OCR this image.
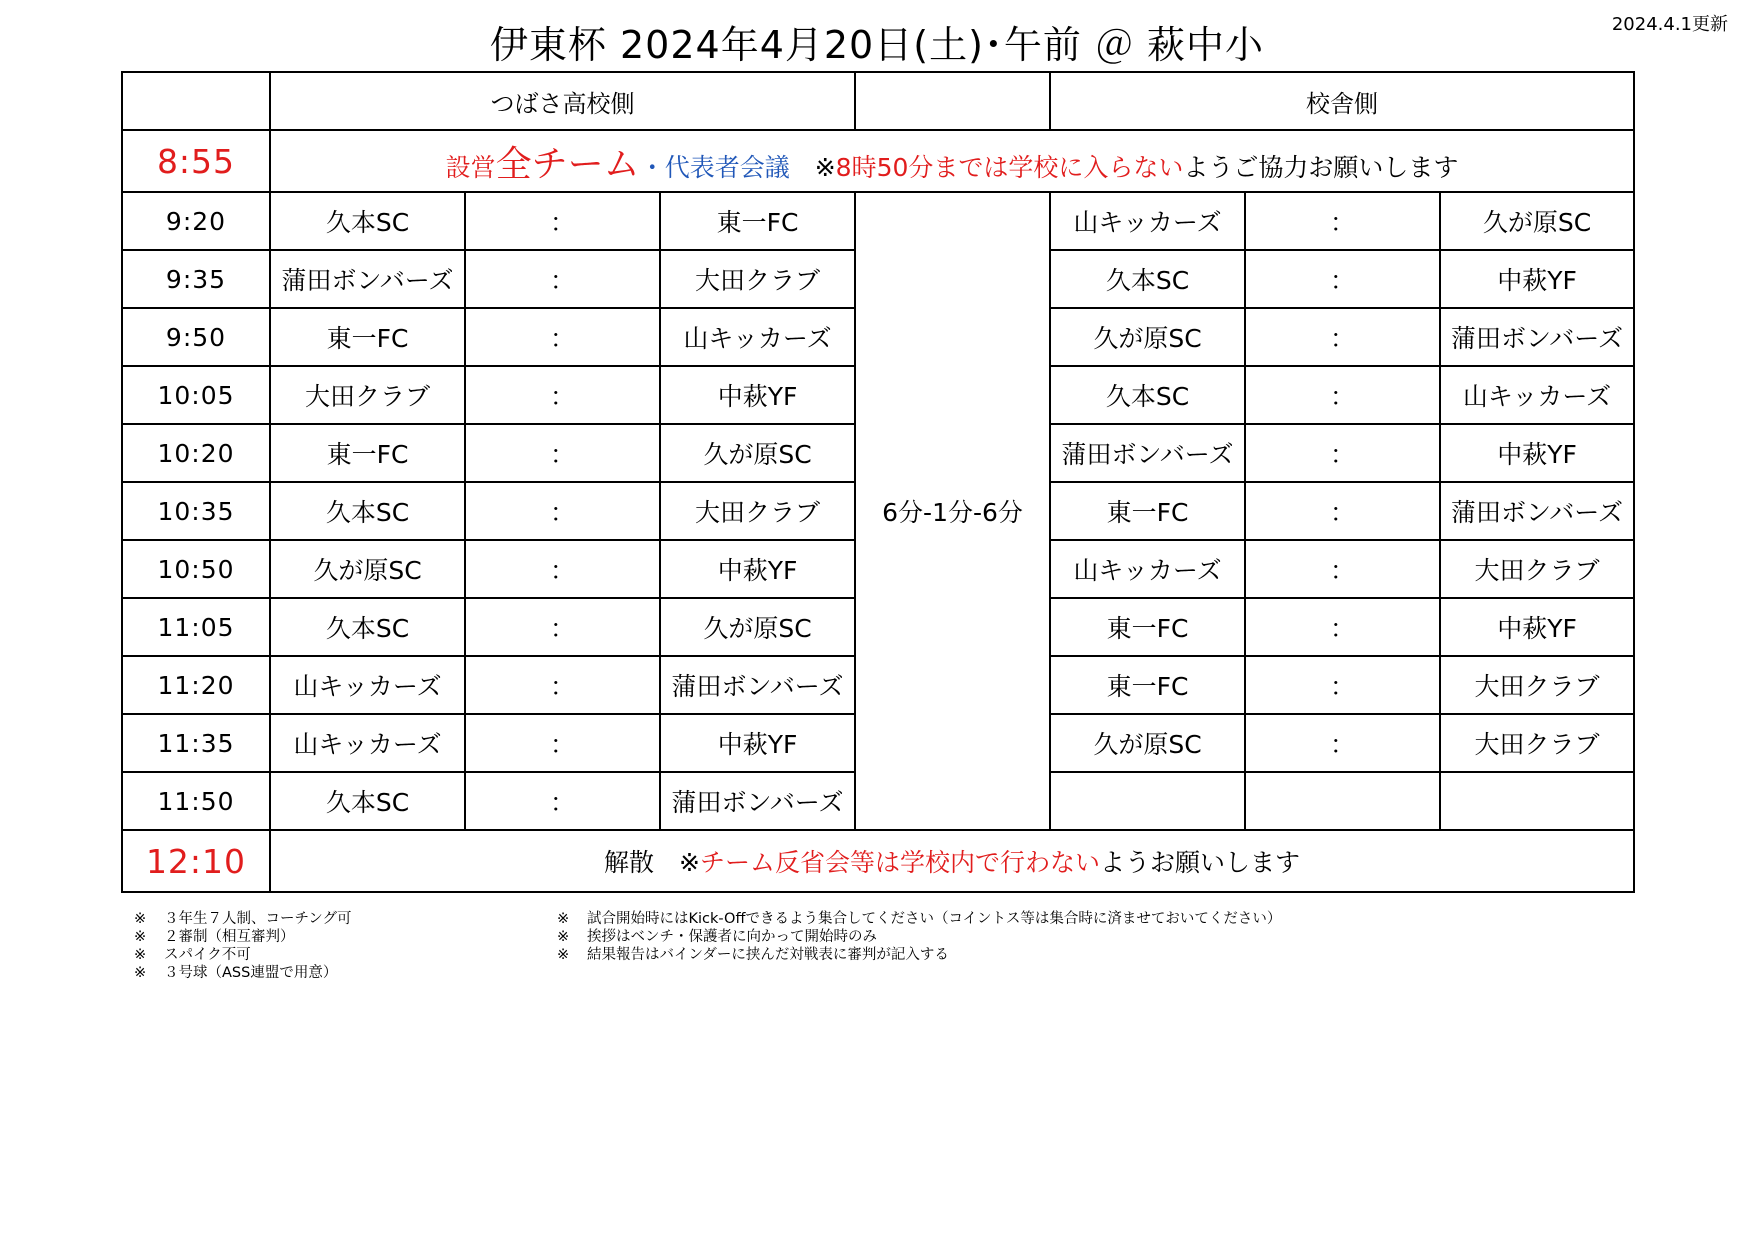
伊東杯 2024年4月20日(土)･午前 ＠ 萩中小	2024.4.1更新
	つばさ高校側				校舎側		
8:55	設営全チーム・代表者会議　 ※8時50分までは学校に入らないようご協力お願いします						
9:20	久本SC	：	東一FC	6分-1分-6分	山キッカーズ	：	久が原SC
9:35	蒲田ボンバーズ	：	大田クラブ		久本SC	：	中萩YF
9:50	東一FC	：	山キッカーズ		久が原SC	：	蒲田ボンバーズ
10:05	大田クラブ	：	中萩YF		久本SC	：	山キッカーズ
10:20	東一FC	：	久が原SC		蒲田ボンバーズ	：	中萩YF
10:35	久本SC	：	大田クラブ		東一FC	：	蒲田ボンバーズ
10:50	久が原SC	：	中萩YF		山キッカーズ	：	大田クラブ
11:05	久本SC	：	久が原SC		東一FC	：	中萩YF
11:20	山キッカーズ	：	蒲田ボンバーズ		東一FC	：	大田クラブ
11:35	山キッカーズ	：	中萩YF		久が原SC	：	大田クラブ
11:50	久本SC	：	蒲田ボンバーズ				
12:10	解散　※チーム反省会等は学校内で行わないようお願いします						
※ ３年生７人制、コーチング可
※ ２審制（相互審判）
※ スパイク不可
※ ３号球（ASS連盟で用意）
※ 試合開始時にはKick-Offできるよう集合してください（コイントス等は集合時に済ませておいてください）
※ 挨拶はベンチ・保護者に向かって開始時のみ
※ 結果報告はバインダーに挟んだ対戦表に審判が記入する
